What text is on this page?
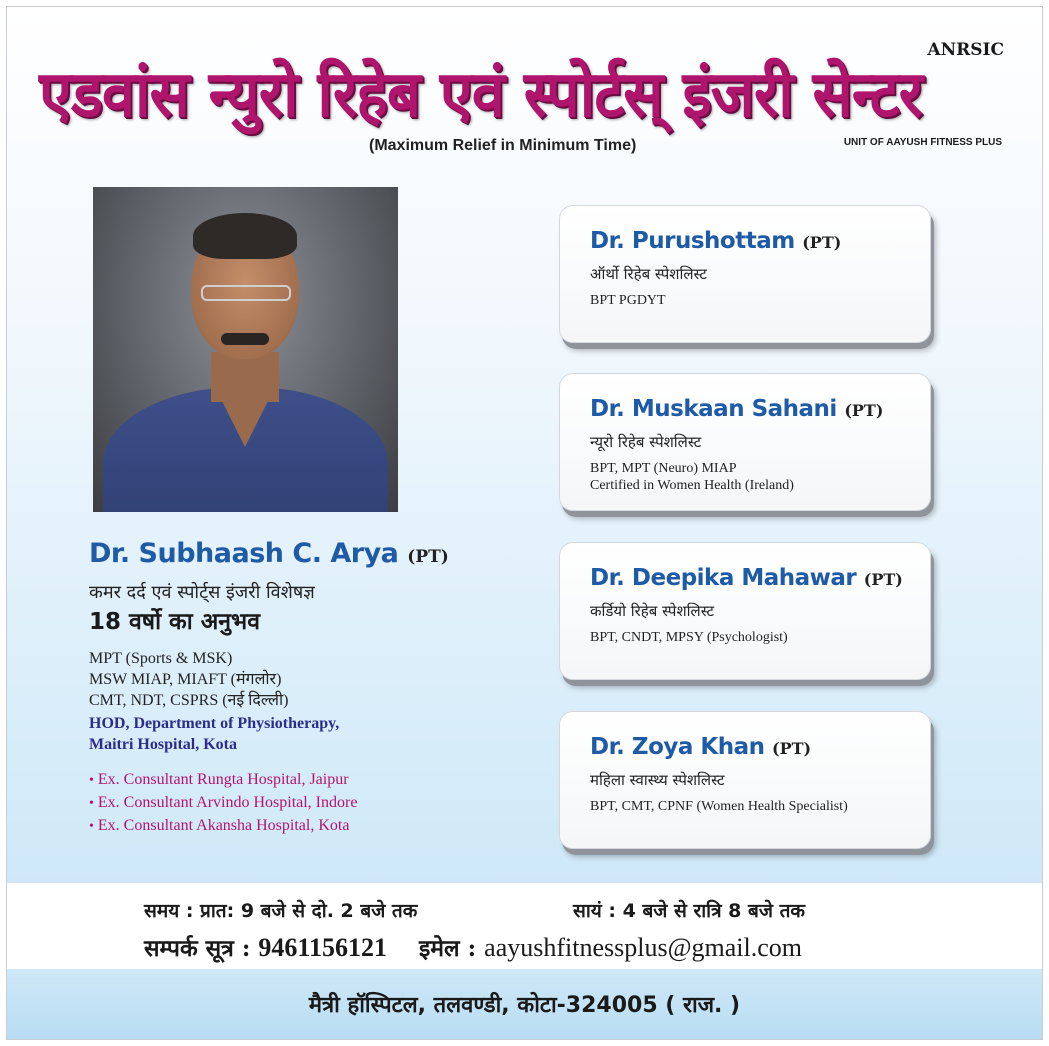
एडवांस न्युरो रिहेब एवं स्पोर्टस् इंजरी सेन्टर
ANRSIC
(Maximum Relief in Minimum Time)	UNIT OF AAYUSH FITNESS PLUS
Dr. Subhaash C. Arya (PT)
कमर दर्द एवं स्पोर्ट्स इंजरी विशेषज्ञ
18 वर्षो का अनुभव
MPT (Sports & MSK)
MSW MIAP, MIAFT (मंगलोर)
CMT, NDT, CSPRS (नई दिल्ली)
HOD, Department of Physiotherapy,
Maitri Hospital, Kota
• Ex. Consultant Rungta Hospital, Jaipur
• Ex. Consultant Arvindo Hospital, Indore
• Ex. Consultant Akansha Hospital, Kota
Dr. Purushottam (PT)
ऑर्थो रिहेब स्पेशलिस्ट
BPT PGDYT
Dr. Muskaan Sahani (PT)
न्यूरो रिहेब स्पेशलिस्ट
BPT, MPT (Neuro) MIAP
Certified in Women Health (Ireland)
Dr. Deepika Mahawar (PT)
कर्डियो रिहेब स्पेशलिस्ट
BPT, CNDT, MPSY (Psychologist)
Dr. Zoya Khan (PT)
महिला स्वास्थ्य स्पेशलिस्ट
BPT, CMT, CPNF (Women Health Specialist)
समय : प्रात: 9 बजे से दो. 2 बजे तक	सायं : 4 बजे से रात्रि 8 बजे तक
सम्पर्क सूत्र : 9461156121 इमेल : aayushfitnessplus@gmail.com
मैत्री हॉस्पिटल, तलवण्डी, कोटा-324005 ( राज. )
